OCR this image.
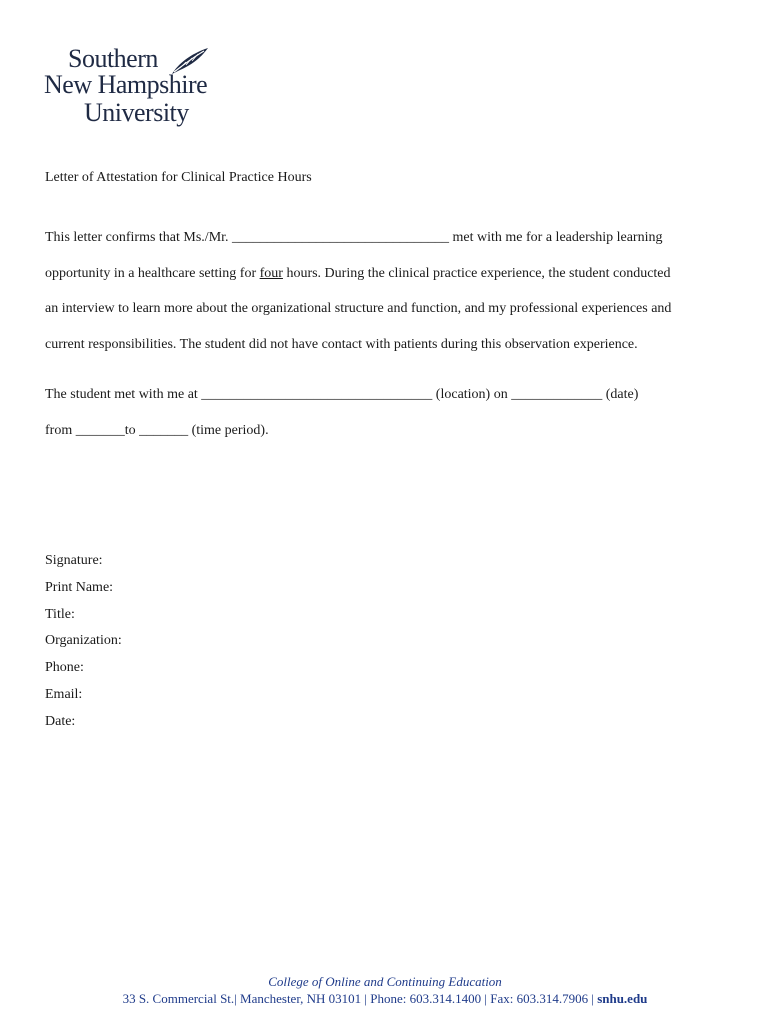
Southern
New Hampshire
University
Letter of Attestation for Clinical Practice Hours
This letter confirms that Ms./Mr. _______________________________ met with me for a leadership learning
opportunity in a healthcare setting for four hours. During the clinical practice experience, the student conducted
an interview to learn more about the organizational structure and function, and my professional experiences and
current responsibilities. The student did not have contact with patients during this observation experience.
The student met with me at _________________________________ (location) on _____________ (date)
from _______to _______ (time period).
Signature:
Print Name:
Title:
Organization:
Phone:
Email:
Date:
College of Online and Continuing Education
33 S. Commercial St.| Manchester, NH 03101 | Phone: 603.314.1400 | Fax: 603.314.7906 | snhu.edu
